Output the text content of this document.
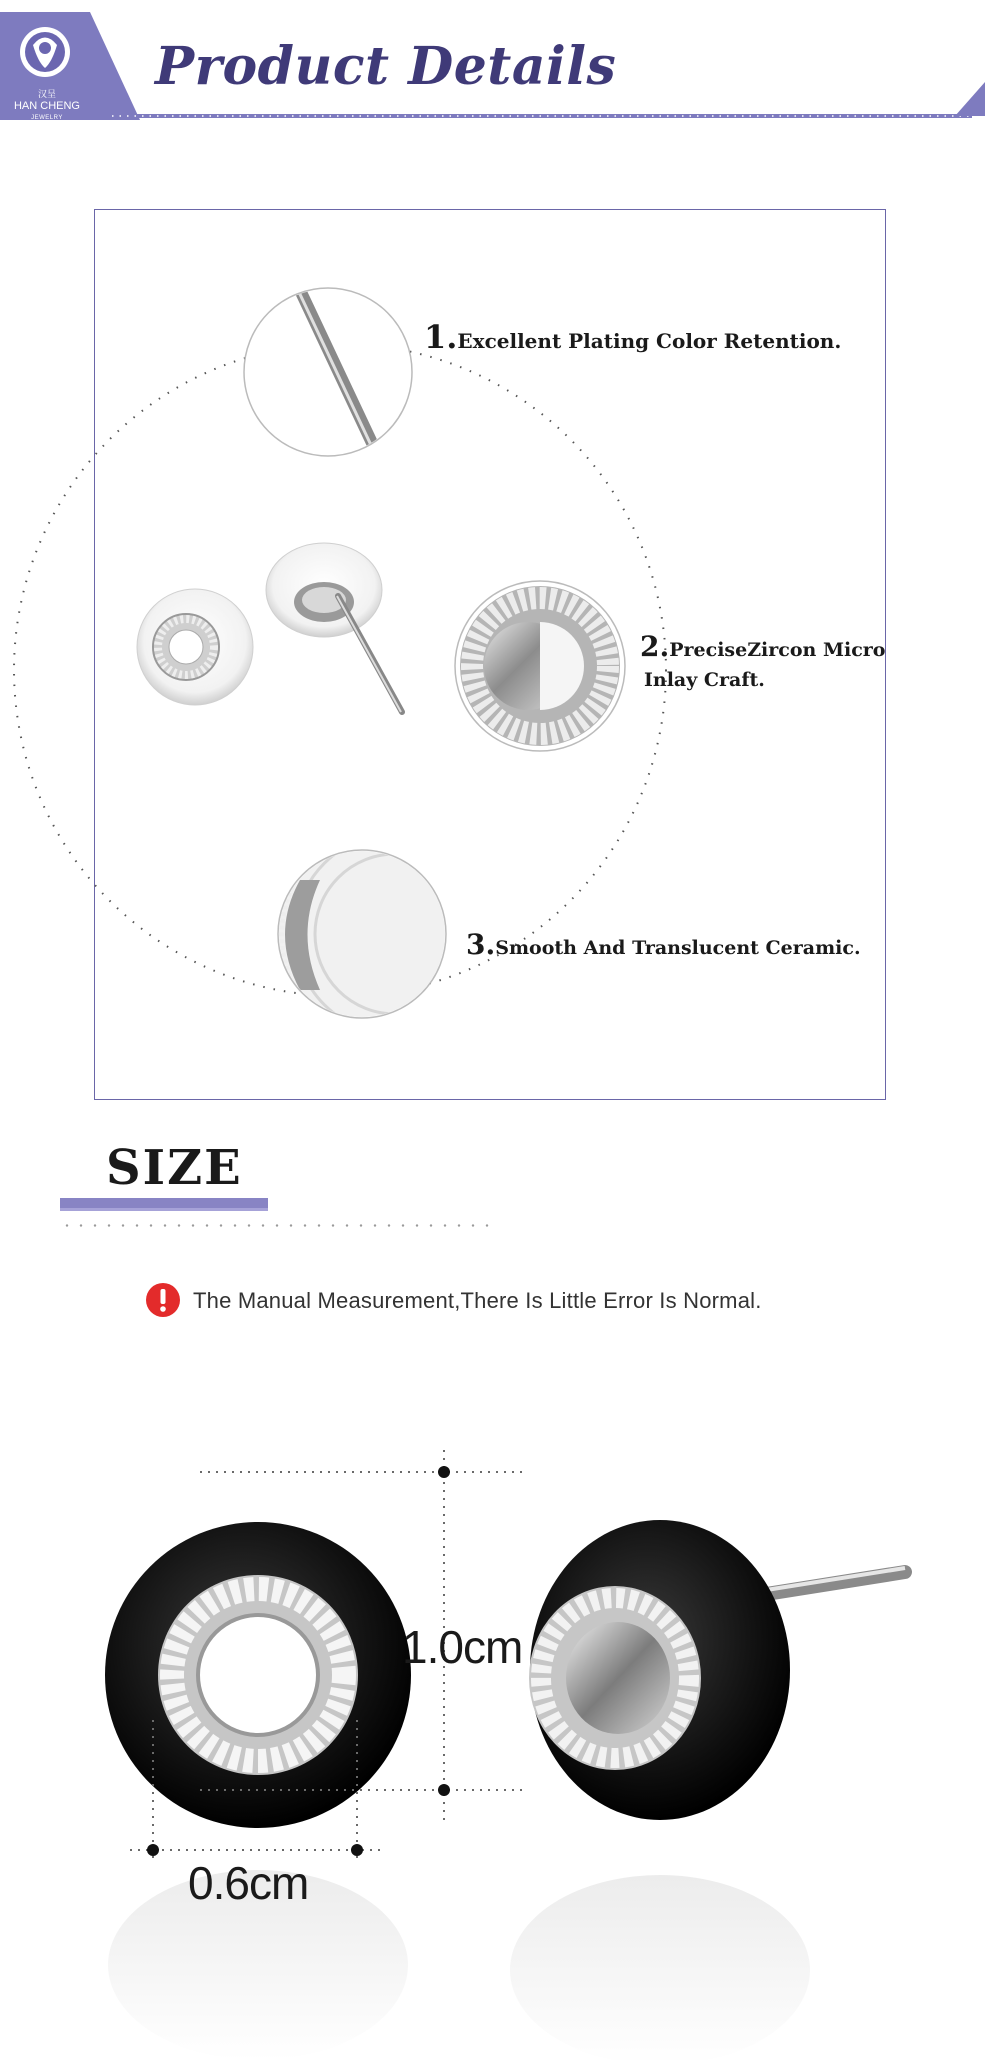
汉呈
HAN CHENG
JEWELRY
Product Details
1.Excellent Plating Color Retention.
2.PreciseZircon Micro
Inlay Craft.
3.Smooth And Translucent Ceramic.
SIZE
The Manual Measurement,There Is Little Error Is Normal.
1.0cm
0.6cm
